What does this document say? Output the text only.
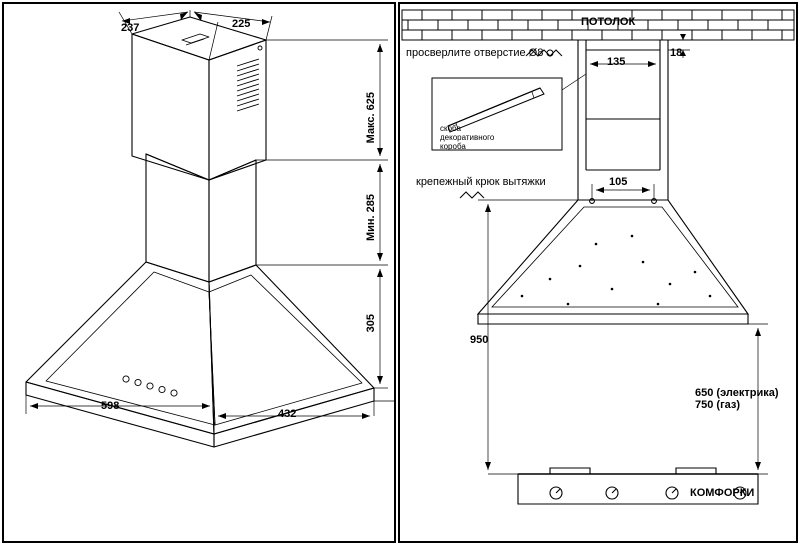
237	225
Макс. 625
Мин. 285
305
598
432
ПОТОЛОК
просверлите отверстие Ø8
скоба
декоративного
короба
крепежный крюк вытяжки
18
135
105
950
650 (электрика)
750 (газ)
КОМФОРКИ
